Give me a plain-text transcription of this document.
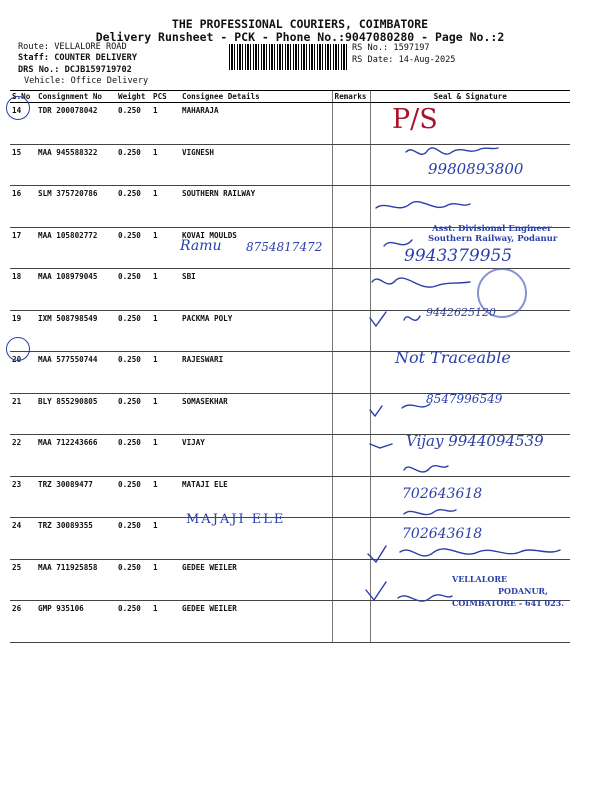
THE PROFESSIONAL COURIERS, COIMBATORE
Delivery Runsheet - PCK - Phone No.:9047080280 - Page No.:2
Route: VELLALORE ROAD
Staff: COUNTER DELIVERY
DRS No.: DCJB159719702
Vehicle: Office Delivery
RS No.: 1597197
RS Date: 14-Aug-2025
S.No	Consignment No	Weight	PCS	Consignee Details	Remarks	Seal & Signature
14	TDR 200078042	0.250	1	MAHARAJA		
15	MAA 945588322	0.250	1	VIGNESH		
16	SLM 375720786	0.250	1	SOUTHERN RAILWAY		
17	MAA 105802772	0.250	1	KOVAI MOULDS		
18	MAA 108979045	0.250	1	SBI		
19	IXM 508798549	0.250	1	PACKMA POLY		
20	MAA 577550744	0.250	1	RAJESWARI		
21	BLY 855290805	0.250	1	SOMASEKHAR		
22	MAA 712243666	0.250	1	VIJAY		
23	TRZ 30089477	0.250	1	MATAJI ELE		
24	TRZ 30089355	0.250	1			
25	MAA 711925858	0.250	1	GEDEE WEILER		
26	GMP 935106	0.250	1	GEDEE WEILER		
P/S
9980893800
Ramu 8754817472	9943379955
9442625120
Not Traceable
8547996549
Vijay 9944094539
702643618
MAJAJI ELE
702643618
Asst. Divisional Engineer
Southern Railway, Podanur
VELLALORE
PODANUR,
COIMBATORE - 641 023.
